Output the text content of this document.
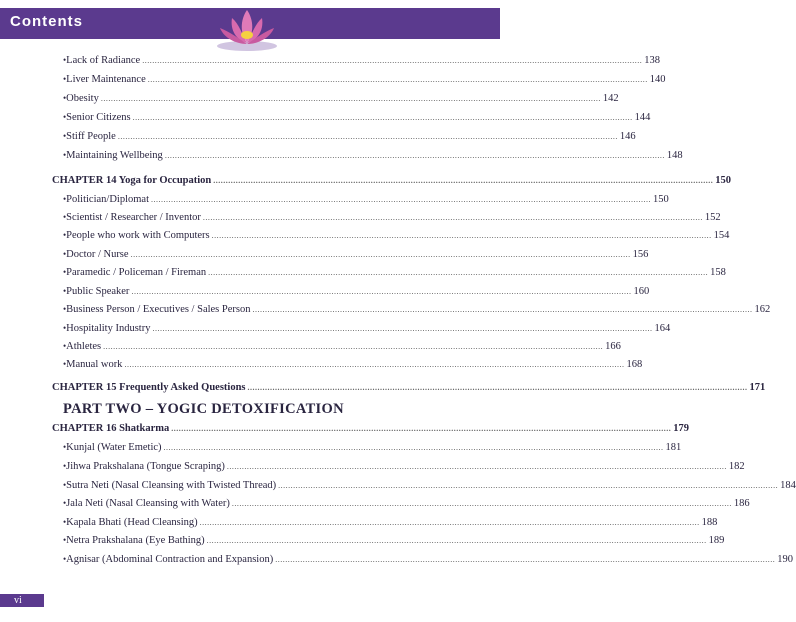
Contents
PART TWO – YOGIC DETOXIFICATION
• Lack of Radiance ........................................................................................................................................................................................................ 138
• Liver Maintenance ........................................................................................................................................................................................................ 140
• Obesity ........................................................................................................................................................................................................ 142
• Senior Citizens ........................................................................................................................................................................................................ 144
• Stiff People ........................................................................................................................................................................................................ 146
• Maintaining Wellbeing ........................................................................................................................................................................................................ 148
CHAPTER 14 Yoga for Occupation ........................................................................................................................................................................................................ 150
• Politician/Diplomat ........................................................................................................................................................................................................ 150
• Scientist / Researcher / Inventor ........................................................................................................................................................................................................ 152
• People who work with Computers ........................................................................................................................................................................................................ 154
• Doctor / Nurse ........................................................................................................................................................................................................ 156
• Paramedic / Policeman / Fireman ........................................................................................................................................................................................................ 158
• Public Speaker ........................................................................................................................................................................................................ 160
• Business Person / Executives / Sales Person ........................................................................................................................................................................................................ 162
• Hospitality Industry ........................................................................................................................................................................................................ 164
• Athletes ........................................................................................................................................................................................................ 166
• Manual work ........................................................................................................................................................................................................ 168
CHAPTER 15 Frequently Asked Questions ........................................................................................................................................................................................................ 171
CHAPTER 16 Shatkarma ........................................................................................................................................................................................................ 179
• Kunjal (Water Emetic) ........................................................................................................................................................................................................ 181
• Jihwa Prakshalana (Tongue Scraping) ........................................................................................................................................................................................................ 182
• Sutra Neti (Nasal Cleansing with Twisted Thread) ........................................................................................................................................................................................................ 184
• Jala Neti (Nasal Cleansing with Water) ........................................................................................................................................................................................................ 186
• Kapala Bhati (Head Cleansing) ........................................................................................................................................................................................................ 188
• Netra Prakshalana (Eye Bathing) ........................................................................................................................................................................................................ 189
• Agnisar (Abdominal Contraction and Expansion) ........................................................................................................................................................................................................ 190
vi
